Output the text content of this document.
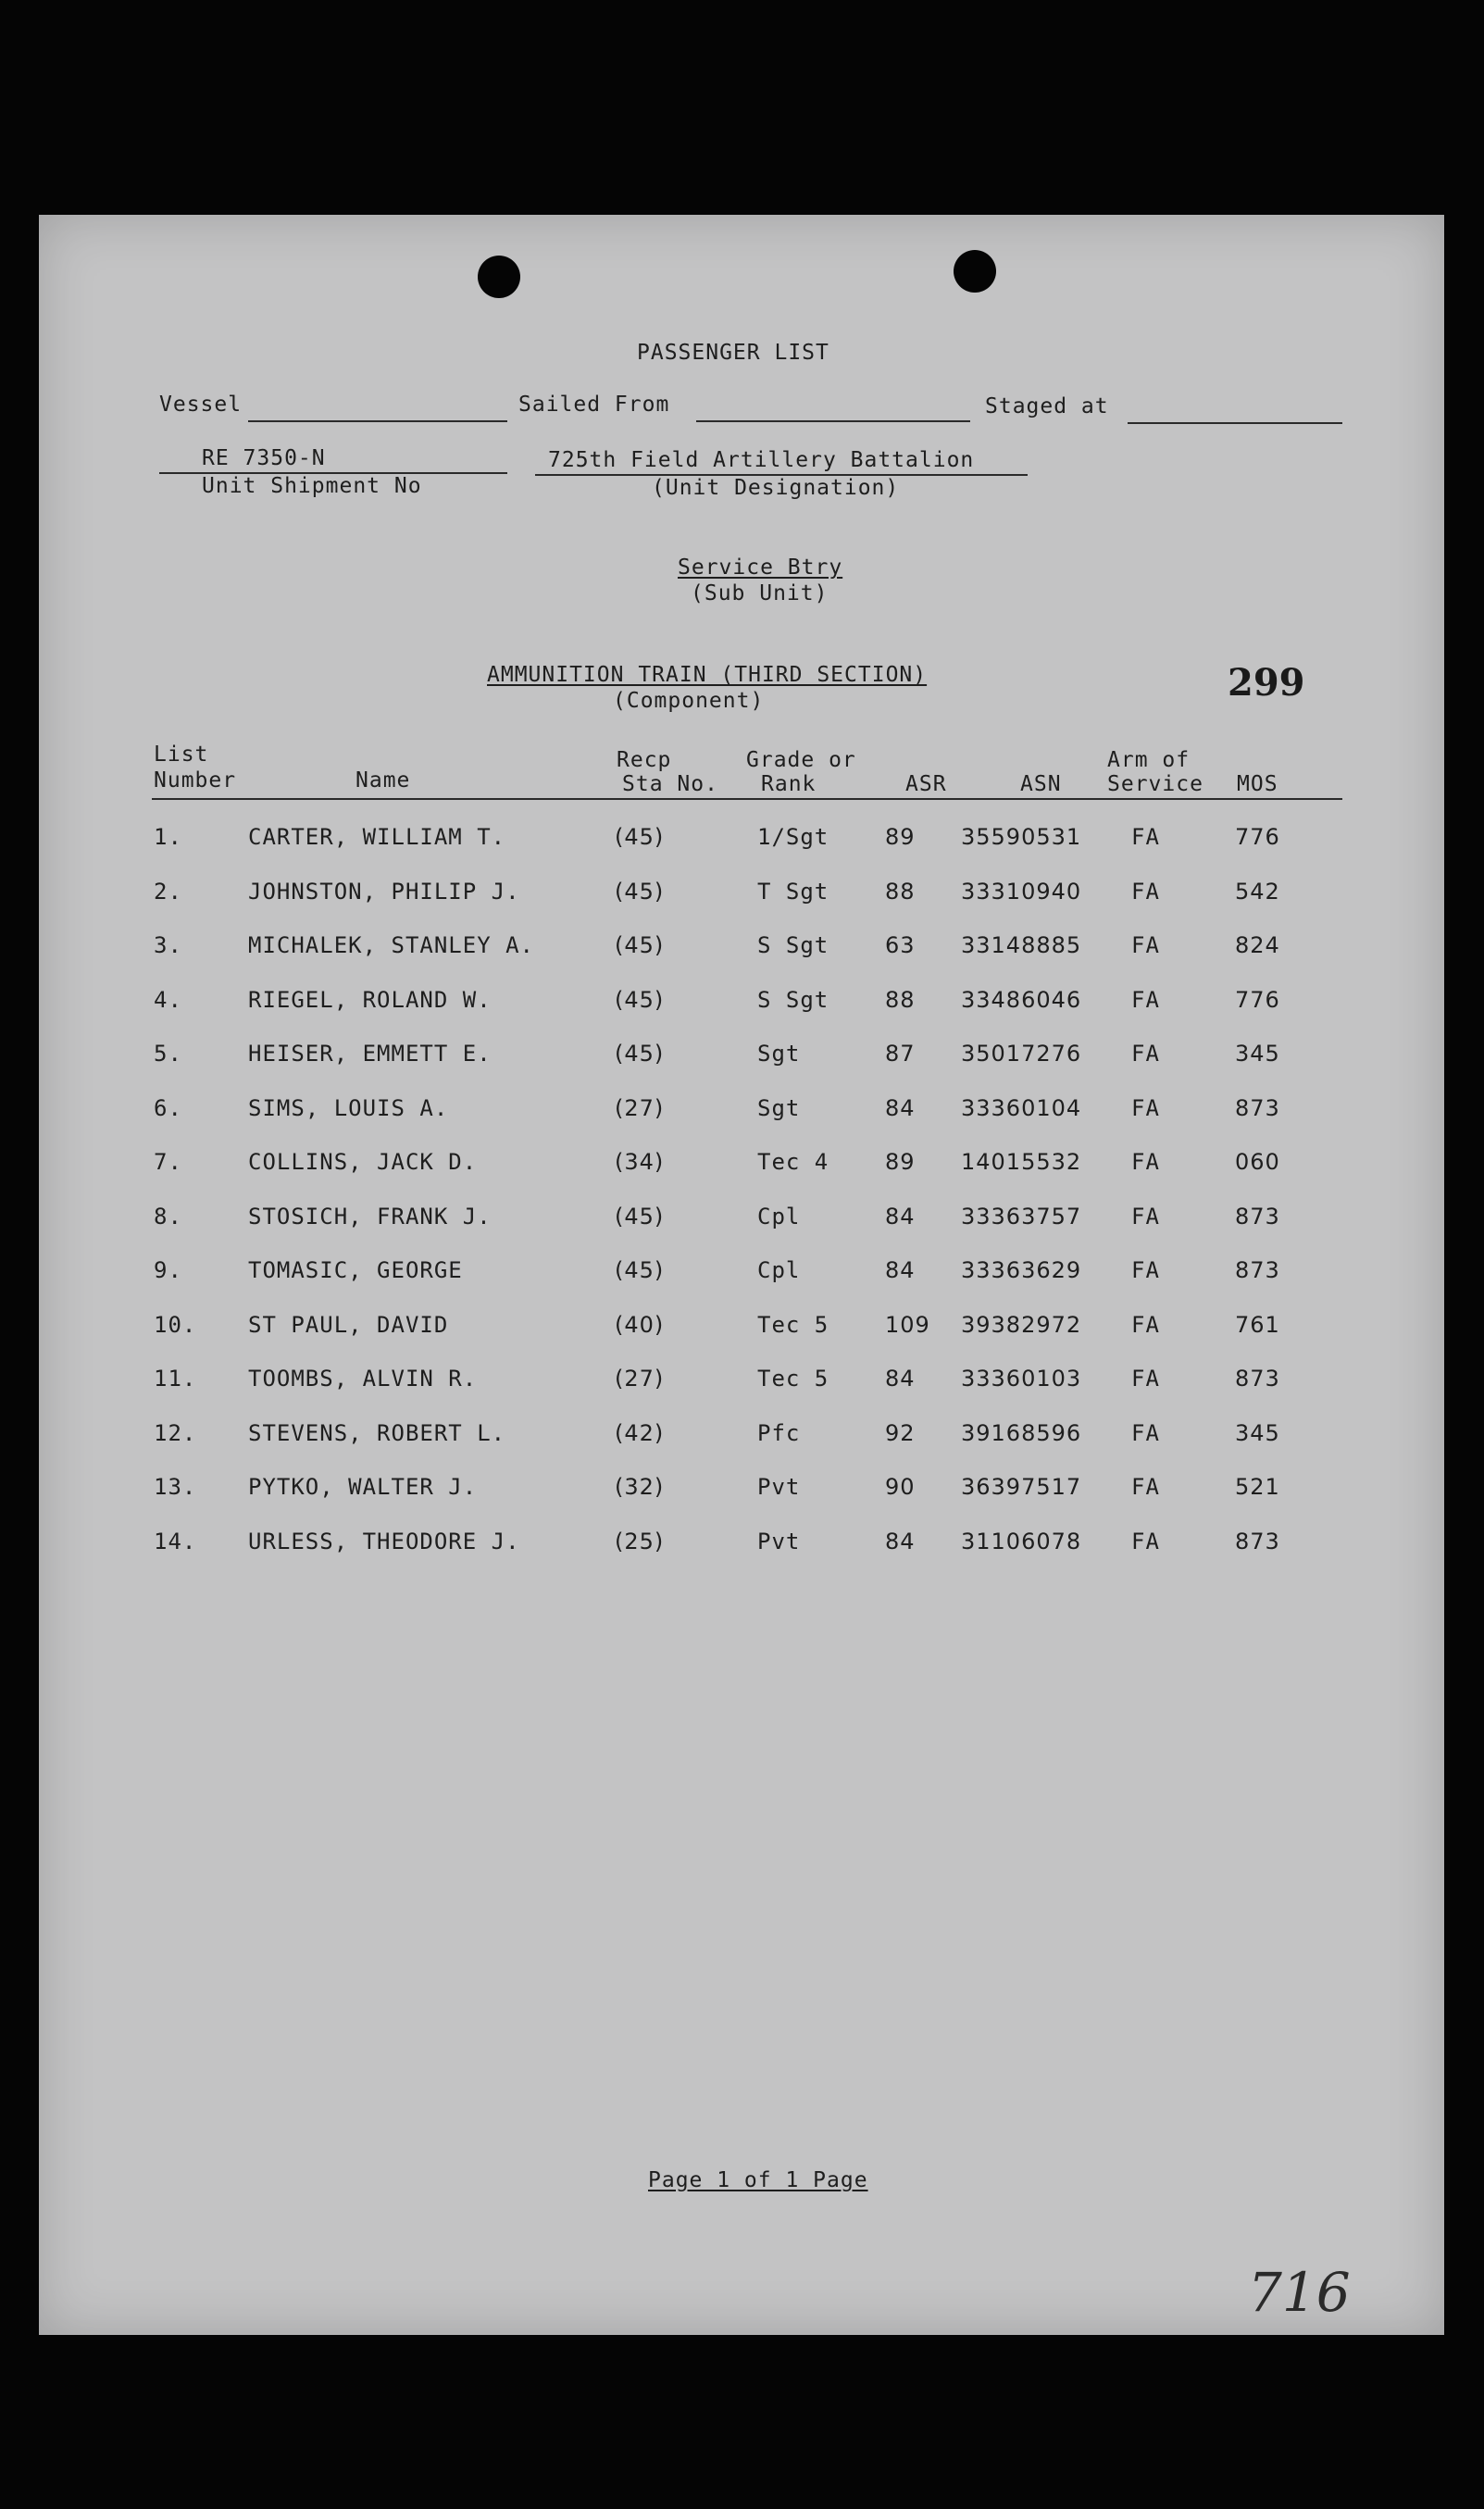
PASSENGER LIST
Vessel	Sailed From	Staged at
RE 7350-N
Unit Shipment No
725th Field Artillery Battalion
(Unit Designation)
Service Btry
(Sub Unit)
AMMUNITION TRAIN (THIRD SECTION)
(Component)	299
List
Number	Name
Recp
Sta No.
Grade or
Rank	ASR	ASN
Arm of
Service MOS
1.	CARTER, WILLIAM T.	(45)	1/Sgt	89 35590531 FA	776
2.	JOHNSTON, PHILIP J.	(45)	T Sgt	88 33310940 FA	542
3.	MICHALEK, STANLEY A.	(45)	S Sgt	63 33148885 FA	824
4.	RIEGEL, ROLAND W.	(45)	S Sgt	88 33486046 FA	776
5.	HEISER, EMMETT E.	(45)	Sgt	87 35017276 FA	345
6.	SIMS, LOUIS A.	(27)	Sgt	84 33360104 FA	873
7.	COLLINS, JACK D.	(34)	Tec 4	89 14015532 FA	060
8.	STOSICH, FRANK J.	(45)	Cpl	84 33363757 FA	873
9.	TOMASIC, GEORGE	(45)	Cpl	84 33363629 FA	873
10. ST PAUL, DAVID	(40)	Tec 5	109 39382972 FA	761
11. TOOMBS, ALVIN R.	(27)	Tec 5	84 33360103 FA	873
12. STEVENS, ROBERT L.	(42)	Pfc	92 39168596 FA	345
13. PYTKO, WALTER J.	(32)	Pvt	90 36397517 FA	521
14. URLESS, THEODORE J.	(25)	Pvt	84 31106078 FA	873
Page 1 of 1 Page
716
